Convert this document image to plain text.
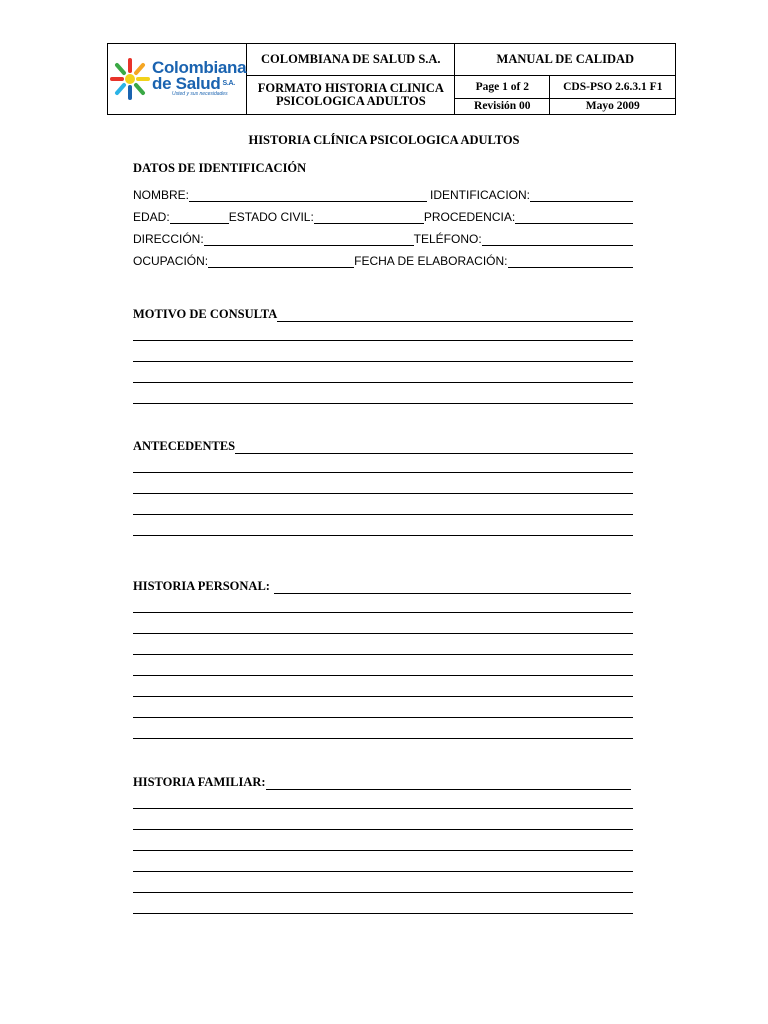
Colombiana
de Salud S.A.
Usted y sus necesidades	COLOMBIANA DE SALUD S.A.	MANUAL DE CALIDAD	

	FORMATO HISTORIA CLINICA
PSICOLOGICA ADULTOS	Page 1 of 2	CDS-PSO 2.6.3.1 F1
		Revisión 00	Mayo 2009
HISTORIA CLÍNICA PSICOLOGICA ADULTOS
DATOS DE IDENTIFICACIÓN
NOMBRE:	IDENTIFICACION:
EDAD:	ESTADO CIVIL:	PROCEDENCIA:
DIRECCIÓN:	TELÉFONO:
OCUPACIÓN:	FECHA DE ELABORACIÓN:
MOTIVO DE CONSULTA
ANTECEDENTES
HISTORIA PERSONAL:
HISTORIA FAMILIAR:
